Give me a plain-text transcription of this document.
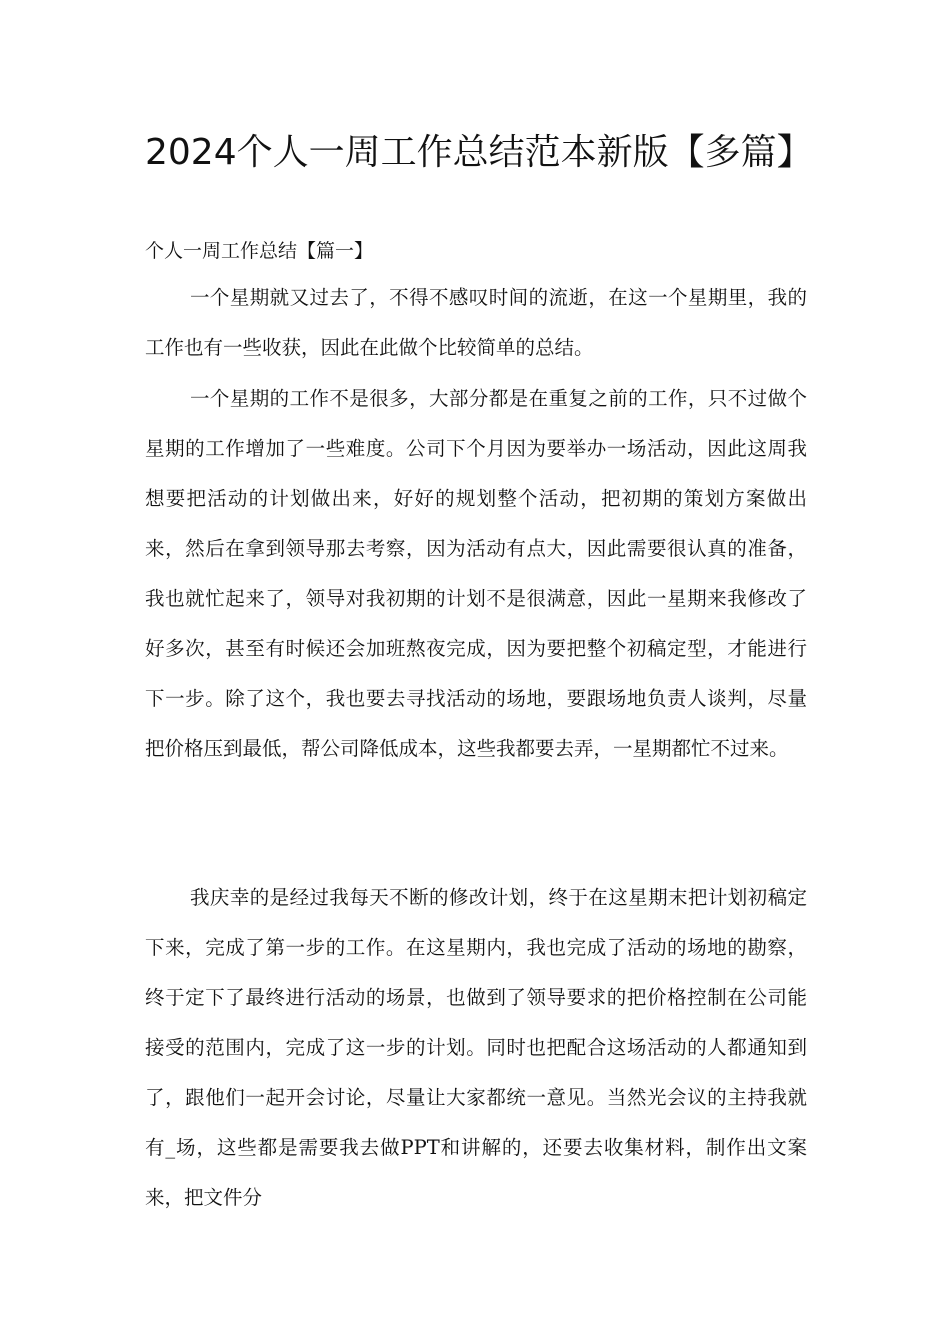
2024个人一周工作总结范本新版【多篇】

个人一周工作总结【篇一】

一个星期就又过去了，不得不感叹时间的流逝，在这一个星期里，我的工作也有一些收获，因此在此做个比较简单的总结。

一个星期的工作不是很多，大部分都是在重复之前的工作，只不过做个星期的工作增加了一些难度。公司下个月因为要举办一场活动，因此这周我想要把活动的计划做出来，好好的规划整个活动，把初期的策划方案做出来，然后在拿到领导那去考察，因为活动有点大，因此需要很认真的准备，我也就忙起来了，领导对我初期的计划不是很满意，因此一星期来我修改了好多次，甚至有时候还会加班熬夜完成，因为要把整个初稿定型，才能进行下一步。除了这个，我也要去寻找活动的场地，要跟场地负责人谈判，尽量把价格压到最低，帮公司降低成本，这些我都要去弄，一星期都忙不过来。

我庆幸的是经过我每天不断的修改计划，终于在这星期末把计划初稿定下来，完成了第一步的工作。在这星期内，我也完成了活动的场地的勘察，终于定下了最终进行活动的场景，也做到了领导要求的把价格控制在公司能接受的范围内，完成了这一步的计划。同时也把配合这场活动的人都通知到了，跟他们一起开会讨论，尽量让大家都统一意见。当然光会议的主持我就有_场，这些都是需要我去做PPT和讲解的，还要去收集材料，制作出文案来，把文件分
